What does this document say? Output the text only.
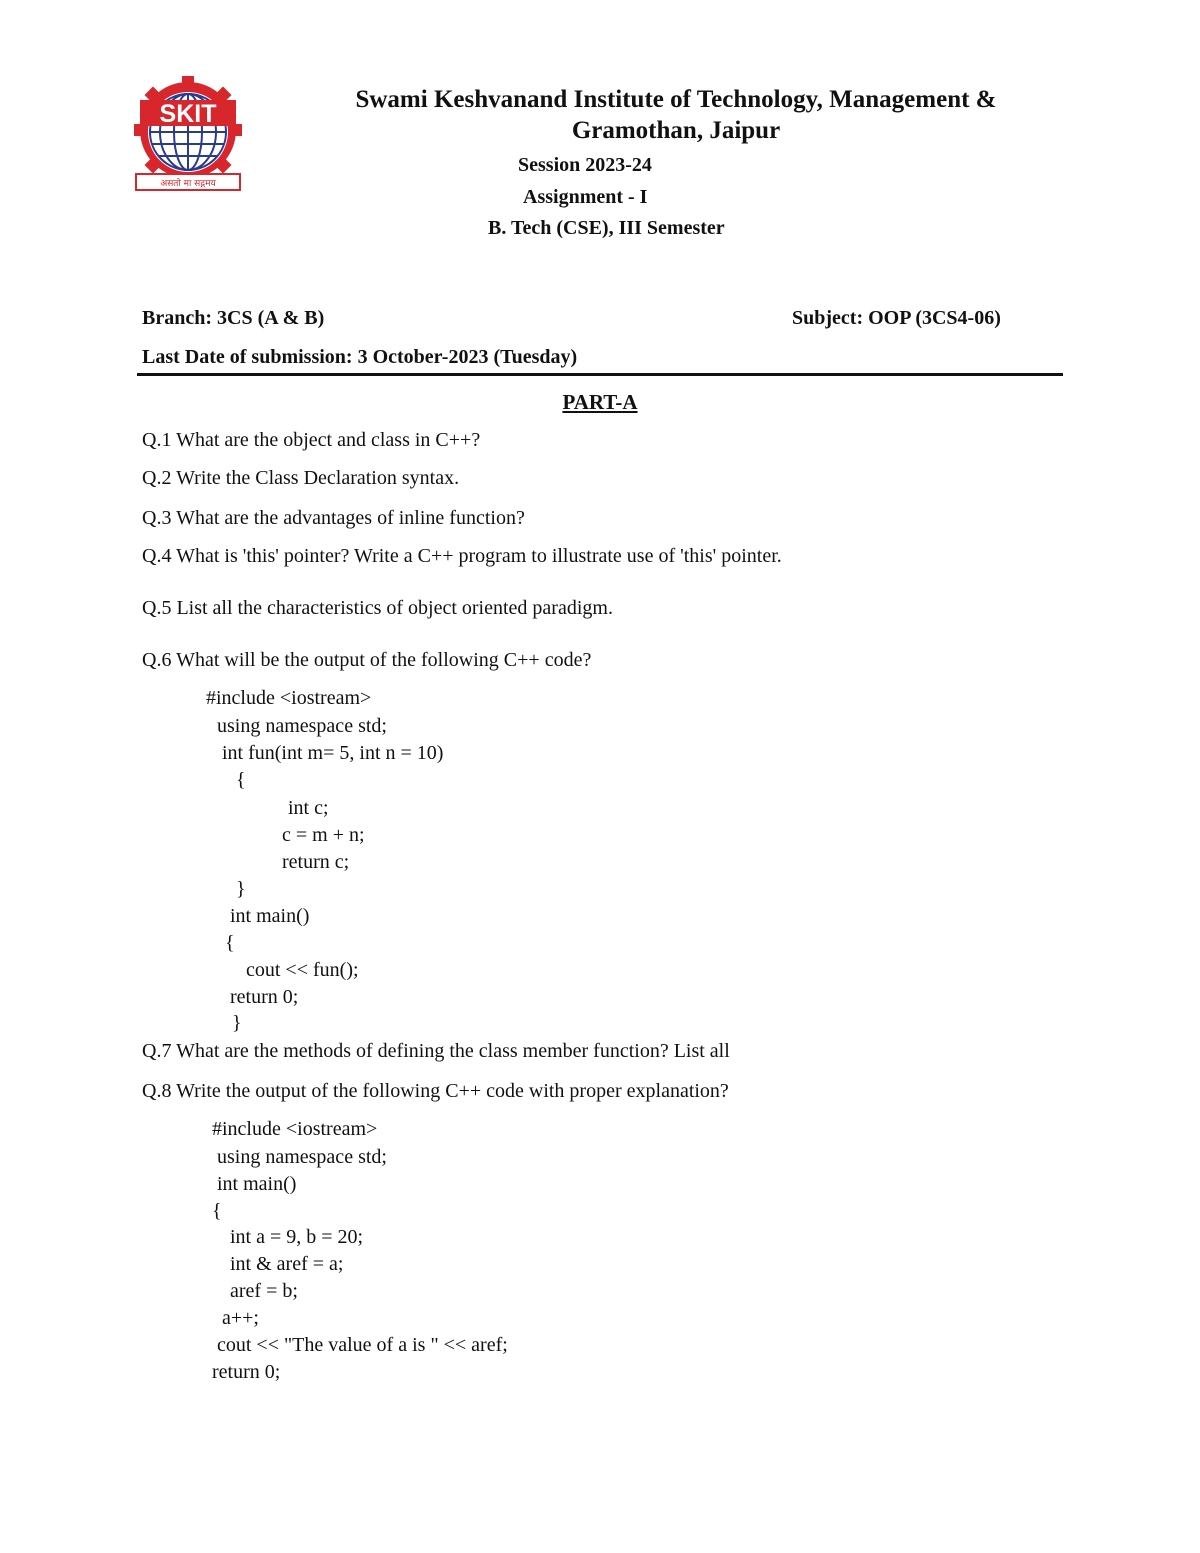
SKIT
असतो मा सद्गमय
Swami Keshvanand Institute of Technology, Management &
Gramothan, Jaipur
Session 2023-24
Assignment - I
B. Tech (CSE), III Semester
Branch: 3CS (A & B)	Subject: OOP (3CS4-06)
Last Date of submission: 3 October-2023 (Tuesday)
PART-A
Q.1 What are the object and class in C++?
Q.2 Write the Class Declaration syntax.
Q.3 What are the advantages of inline function?
Q.4 What is 'this' pointer? Write a C++ program to illustrate use of 'this' pointer.
Q.5 List all the characteristics of object oriented paradigm.
Q.6 What will be the output of the following C++ code?
#include <iostream>
using namespace std;
int fun(int m= 5, int n = 10)
{
int c;
c = m + n;
return c;
}
int main()
{
cout << fun();
return 0;
}
Q.7 What are the methods of defining the class member function? List all
Q.8 Write the output of the following C++ code with proper explanation?
#include <iostream>
using namespace std;
int main()
{
int a = 9, b = 20;
int & aref = a;
aref = b;
a++;
cout << "The value of a is " << aref;
return 0;
